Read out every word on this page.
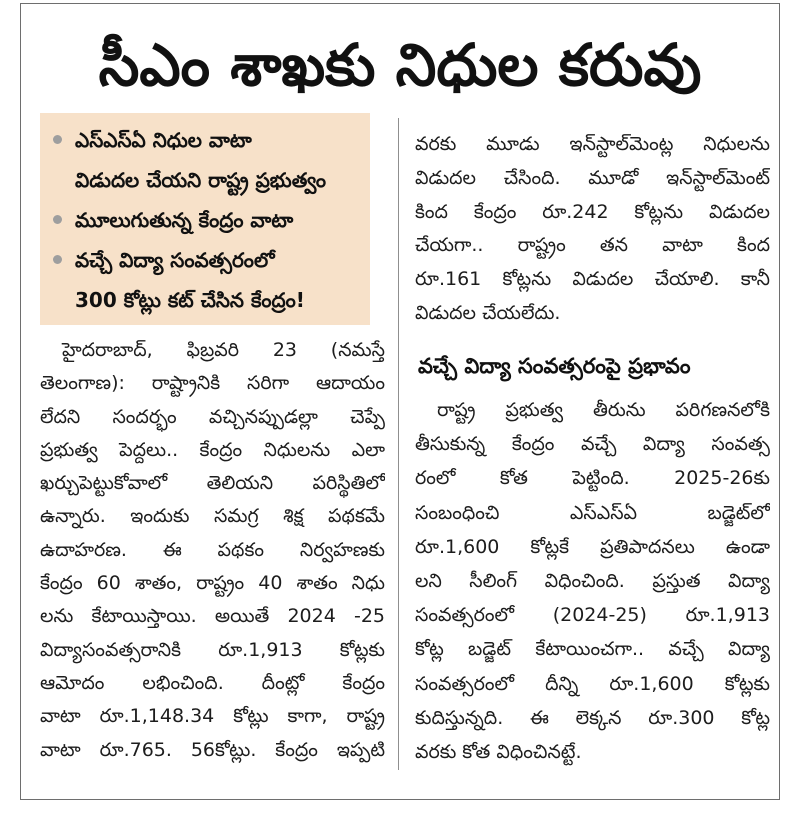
సీఎం శాఖకు నిధుల కరువు
ఎస్ఎస్ఏ నిధుల వాటా
విడుదల చేయని రాష్ట్ర ప్రభుత్వం
మూలుగుతున్న కేంద్రం వాటా
వచ్చే విద్యా సంవత్సరంలో
300 కోట్లు కట్ చేసిన కేంద్రం!
హైదరాబాద్, ఫిబ్రవరి 23 (నమస్తే
తెలంగాణ): రాష్ట్రానికి సరిగా ఆదాయం
లేదని సందర్భం వచ్చినప్పుడల్లా చెప్పే
ప్రభుత్వ పెద్దలు.. కేంద్రం నిధులను ఎలా
ఖర్చుపెట్టుకోవాలో తెలియని పరిస్థితిలో
ఉన్నారు. ఇందుకు సమగ్ర శిక్ష పథకమే
ఉదాహరణ. ఈ పథకం నిర్వహణకు
కేంద్రం 60 శాతం, రాష్ట్రం 40 శాతం నిధు
లను కేటాయిస్తాయి. అయితే 2024 -25
విద్యాసంవత్సరానికి రూ.1,913 కోట్లకు
ఆమోదం లభించింది. దీంట్లో కేంద్రం
వాటా రూ.1,148.34 కోట్లు కాగా, రాష్ట్ర
వాటా రూ.765. 56కోట్లు. కేంద్రం ఇప్పటి
వరకు మూడు ఇన్‌స్టాల్‌మెంట్ల నిధులను
విడుదల చేసింది. మూడో ఇన్‌స్టాల్‌మెంట్
కింద కేంద్రం రూ.242 కోట్లను విడుదల
చేయగా.. రాష్ట్రం తన వాటా కింద
రూ.161 కోట్లను విడుదల చేయాలి. కానీ
విడుదల చేయలేదు.
వచ్చే విద్యా సంవత్సరంపై ప్రభావం
రాష్ట్ర ప్రభుత్వ తీరును పరిగణనలోకి
తీసుకున్న కేంద్రం వచ్చే విద్యా సంవత్స
రంలో కోత పెట్టింది. 2025-26కు
సంబంధించి ఎస్ఎస్ఏ బడ్జెట్‌లో
రూ.1,600 కోట్లకే ప్రతిపాదనలు ఉండా
లని సీలింగ్ విధించింది. ప్రస్తుత విద్యా
సంవత్సరంలో (2024-25) రూ.1,913
కోట్ల బడ్జెట్ కేటాయించగా.. వచ్చే విద్యా
సంవత్సరంలో దీన్ని రూ.1,600 కోట్లకు
కుదిస్తున్నది. ఈ లెక్కన రూ.300 కోట్ల
వరకు కోత విధించినట్టే.
